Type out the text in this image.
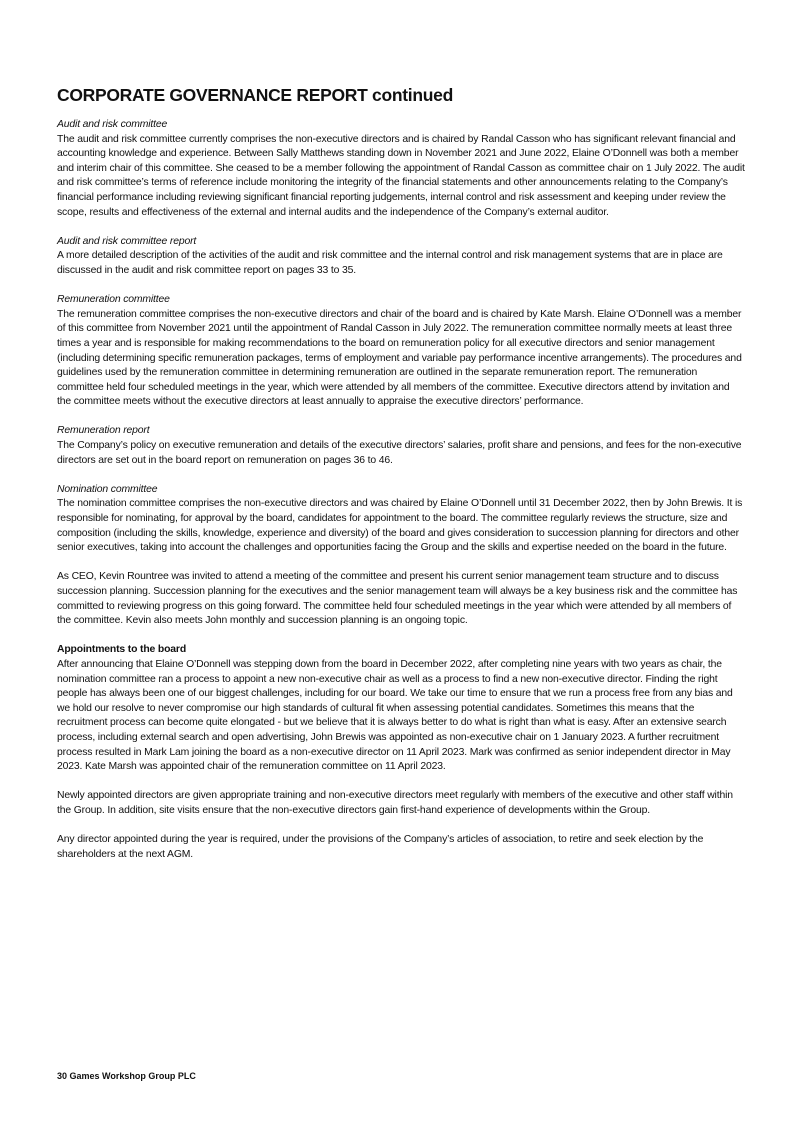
CORPORATE GOVERNANCE REPORT continued

Audit and risk committee

The audit and risk committee currently comprises the non-executive directors and is chaired by Randal Casson who has significant relevant financial and accounting knowledge and experience. Between Sally Matthews standing down in November 2021 and June 2022, Elaine O’Donnell was both a member and interim chair of this committee. She ceased to be a member following the appointment of Randal Casson as committee chair on 1 July 2022. The audit and risk committee’s terms of reference include monitoring the integrity of the financial statements and other announcements relating to the Company’s financial performance including reviewing significant financial reporting judgements, internal control and risk assessment and keeping under review the scope, results and effectiveness of the external and internal audits and the independence of the Company’s external auditor.

Audit and risk committee report

A more detailed description of the activities of the audit and risk committee and the internal control and risk management systems that are in place are discussed in the audit and risk committee report on pages 33 to 35.

Remuneration committee

The remuneration committee comprises the non-executive directors and chair of the board and is chaired by Kate Marsh. Elaine O’Donnell was a member of this committee from November 2021 until the appointment of Randal Casson in July 2022. The remuneration committee normally meets at least three times a year and is responsible for making recommendations to the board on remuneration policy for all executive directors and senior management (including determining specific remuneration packages, terms of employment and variable pay performance incentive arrangements). The procedures and guidelines used by the remuneration committee in determining remuneration are outlined in the separate remuneration report. The remuneration committee held four scheduled meetings in the year, which were attended by all members of the committee. Executive directors attend by invitation and the committee meets without the executive directors at least annually to appraise the executive directors’ performance.

Remuneration report

The Company’s policy on executive remuneration and details of the executive directors’ salaries, profit share and pensions, and fees for the non-executive directors are set out in the board report on remuneration on pages 36 to 46.

Nomination committee

The nomination committee comprises the non-executive directors and was chaired by Elaine O’Donnell until 31 December 2022, then by John Brewis. It is responsible for nominating, for approval by the board, candidates for appointment to the board. The committee regularly reviews the structure, size and composition (including the skills, knowledge, experience and diversity) of the board and gives consideration to succession planning for directors and other senior executives, taking into account the challenges and opportunities facing the Group and the skills and expertise needed on the board in the future.

As CEO, Kevin Rountree was invited to attend a meeting of the committee and present his current senior management team structure and to discuss succession planning. Succession planning for the executives and the senior management team will always be a key business risk and the committee has committed to reviewing progress on this going forward. The committee held four scheduled meetings in the year which were attended by all members of the committee. Kevin also meets John monthly and succession planning is an ongoing topic.

Appointments to the board

After announcing that Elaine O’Donnell was stepping down from the board in December 2022, after completing nine years with two years as chair, the nomination committee ran a process to appoint a new non-executive chair as well as a process to find a new non-executive director. Finding the right people has always been one of our biggest challenges, including for our board. We take our time to ensure that we run a process free from any bias and we hold our resolve to never compromise our high standards of cultural fit when assessing potential candidates. Sometimes this means that the recruitment process can become quite elongated - but we believe that it is always better to do what is right than what is easy. After an extensive search process, including external search and open advertising, John Brewis was appointed as non-executive chair on 1 January 2023. A further recruitment process resulted in Mark Lam joining the board as a non-executive director on 11 April 2023. Mark was confirmed as senior independent director in May 2023. Kate Marsh was appointed chair of the remuneration committee on 11 April 2023.

Newly appointed directors are given appropriate training and non-executive directors meet regularly with members of the executive and other staff within the Group. In addition, site visits ensure that the non-executive directors gain first-hand experience of developments within the Group.

Any director appointed during the year is required, under the provisions of the Company’s articles of association, to retire and seek election by the shareholders at the next AGM.

30 Games Workshop Group PLC
